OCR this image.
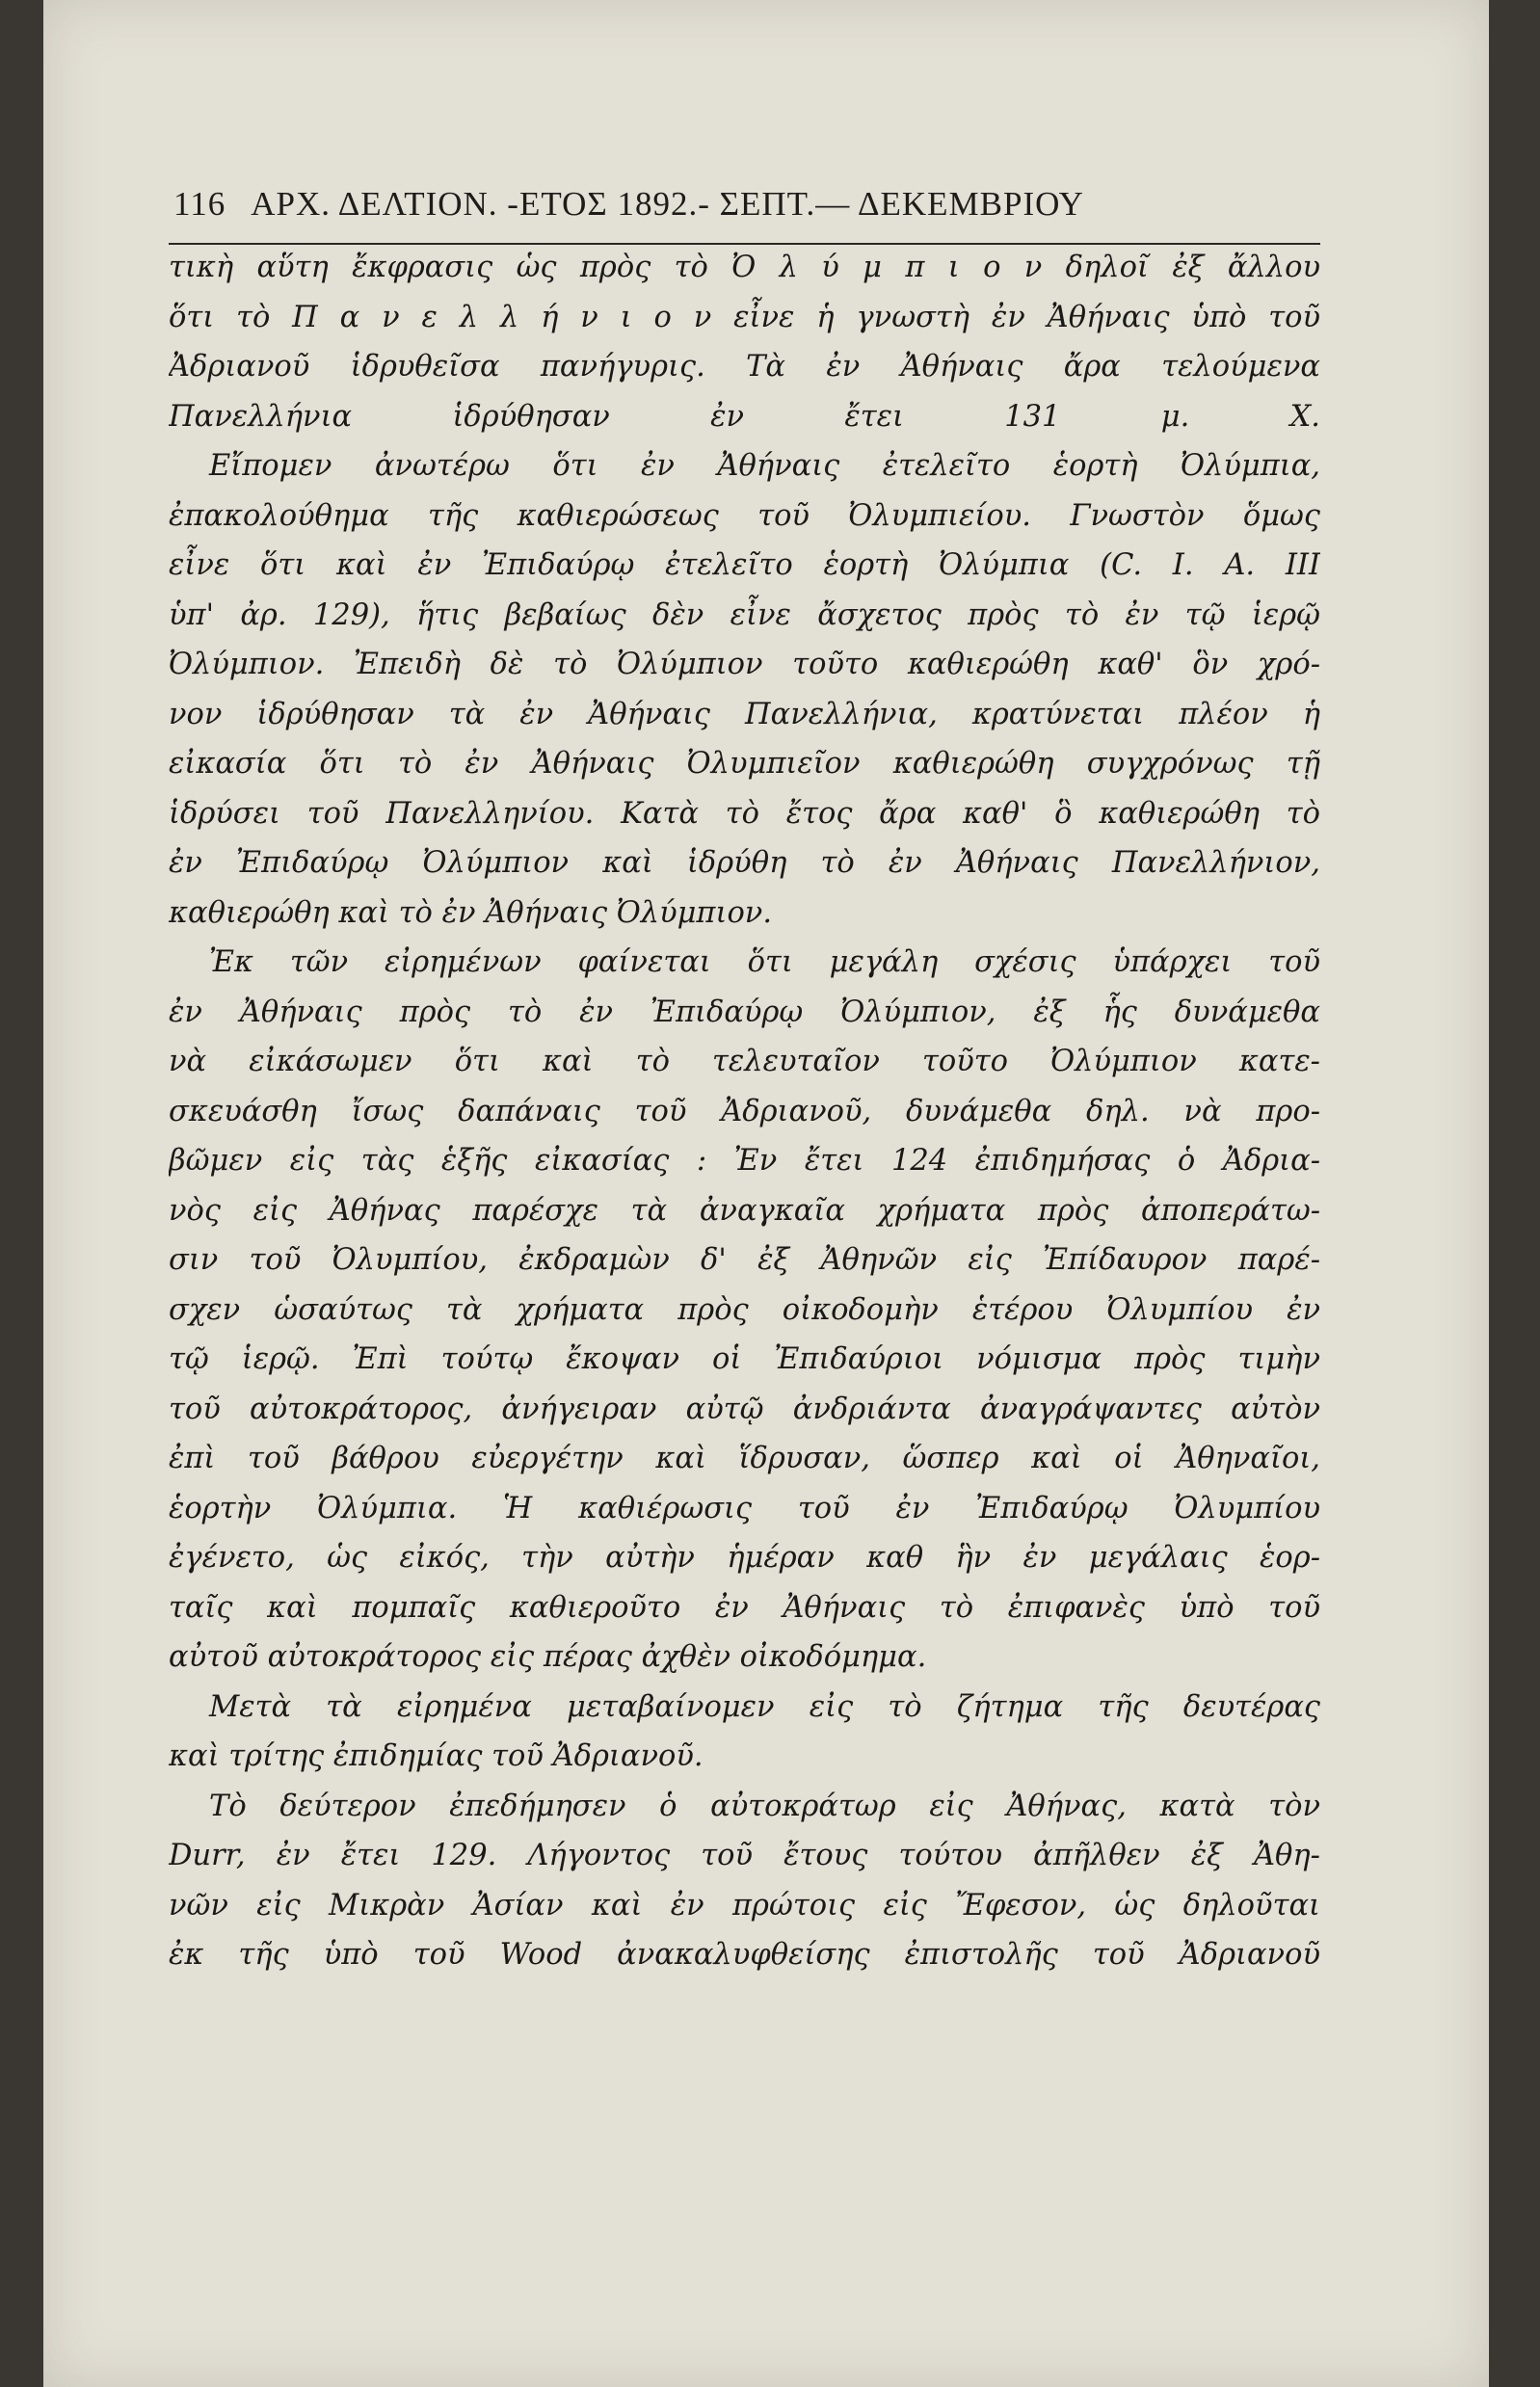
116 ΑΡΧ. ΔΕΛΤΙΟΝ. -ΕΤΟΣ 1892.- ΣΕΠΤ.— ΔΕΚΕΜΒΡΙΟΥ
τικὴ αὕτη ἔκφρασις ὡς πρὸς τὸ Ὀ λ ύ μ π ι ο ν δηλοῖ ἐξ ἄλλου
ὅτι τὸ Π α ν ε λ λ ή ν ι ο ν εἶνε ἡ γνωστὴ ἐν Ἀθήναις ὑπὸ τοῦ
Ἀδριανοῦ ἱδρυθεῖσα πανήγυρις. Τὰ ἐν Ἀθήναις ἄρα τελούμενα
Πανελλήνια ἱδρύθησαν ἐν ἔτει 131 μ. Χ.
Εἴπομεν ἀνωτέρω ὅτι ἐν Ἀθήναις ἐτελεῖτο ἑορτὴ Ὀλύμπια,
ἐπακολούθημα τῆς καθιερώσεως τοῦ Ὀλυμπιείου. Γνωστὸν ὅμως
εἶνε ὅτι καὶ ἐν Ἐπιδαύρῳ ἐτελεῖτο ἑορτὴ Ὀλύμπια (C. I. A. III
ὑπ' ἀρ. 129), ἥτις βεβαίως δὲν εἶνε ἄσχετος πρὸς τὸ ἐν τῷ ἱερῷ
Ὀλύμπιον. Ἐπειδὴ δὲ τὸ Ὀλύμπιον τοῦτο καθιερώθη καθ' ὃν χρό-
νον ἱδρύθησαν τὰ ἐν Ἀθήναις Πανελλήνια, κρατύνεται πλέον ἡ
εἰκασία ὅτι τὸ ἐν Ἀθήναις Ὀλυμπιεῖον καθιερώθη συγχρόνως τῇ
ἱδρύσει τοῦ Πανελληνίου. Κατὰ τὸ ἔτος ἄρα καθ' ὃ καθιερώθη τὸ
ἐν Ἐπιδαύρῳ Ὀλύμπιον καὶ ἱδρύθη τὸ ἐν Ἀθήναις Πανελλήνιον,
καθιερώθη καὶ τὸ ἐν Ἀθήναις Ὀλύμπιον.
Ἐκ τῶν εἰρημένων φαίνεται ὅτι μεγάλη σχέσις ὑπάρχει τοῦ
ἐν Ἀθήναις πρὸς τὸ ἐν Ἐπιδαύρῳ Ὀλύμπιον, ἐξ ἧς δυνάμεθα
νὰ εἰκάσωμεν ὅτι καὶ τὸ τελευταῖον τοῦτο Ὀλύμπιον κατε-
σκευάσθη ἴσως δαπάναις τοῦ Ἀδριανοῦ, δυνάμεθα δηλ. νὰ προ-
βῶμεν εἰς τὰς ἑξῆς εἰκασίας : Ἐν ἔτει 124 ἐπιδημήσας ὁ Ἀδρια-
νὸς εἰς Ἀθήνας παρέσχε τὰ ἀναγκαῖα χρήματα πρὸς ἀποπεράτω-
σιν τοῦ Ὀλυμπίου, ἐκδραμὼν δ' ἐξ Ἀθηνῶν εἰς Ἐπίδαυρον παρέ-
σχεν ὡσαύτως τὰ χρήματα πρὸς οἰκοδομὴν ἑτέρου Ὀλυμπίου ἐν
τῷ ἱερῷ. Ἐπὶ τούτῳ ἔκοψαν οἱ Ἐπιδαύριοι νόμισμα πρὸς τιμὴν
τοῦ αὐτοκράτορος, ἀνήγειραν αὐτῷ ἀνδριάντα ἀναγράψαντες αὐτὸν
ἐπὶ τοῦ βάθρου εὐεργέτην καὶ ἵδρυσαν, ὥσπερ καὶ οἱ Ἀθηναῖοι,
ἑορτὴν Ὀλύμπια. Ἡ καθιέρωσις τοῦ ἐν Ἐπιδαύρῳ Ὀλυμπίου
ἐγένετο, ὡς εἰκός, τὴν αὐτὴν ἡμέραν καθ ἣν ἐν μεγάλαις ἑορ-
ταῖς καὶ πομπαῖς καθιεροῦτο ἐν Ἀθήναις τὸ ἐπιφανὲς ὑπὸ τοῦ
αὐτοῦ αὐτοκράτορος εἰς πέρας ἀχθὲν οἰκοδόμημα.
Μετὰ τὰ εἰρημένα μεταβαίνομεν εἰς τὸ ζήτημα τῆς δευτέρας
καὶ τρίτης ἐπιδημίας τοῦ Ἀδριανοῦ.
Τὸ δεύτερον ἐπεδήμησεν ὁ αὐτοκράτωρ εἰς Ἀθήνας, κατὰ τὸν
Durr, ἐν ἔτει 129. Λήγοντος τοῦ ἔτους τούτου ἀπῆλθεν ἐξ Ἀθη-
νῶν εἰς Μικρὰν Ἀσίαν καὶ ἐν πρώτοις εἰς Ἔφεσον, ὡς δηλοῦται
ἐκ τῆς ὑπὸ τοῦ Wood ἀνακαλυφθείσης ἐπιστολῆς τοῦ Ἀδριανοῦ
